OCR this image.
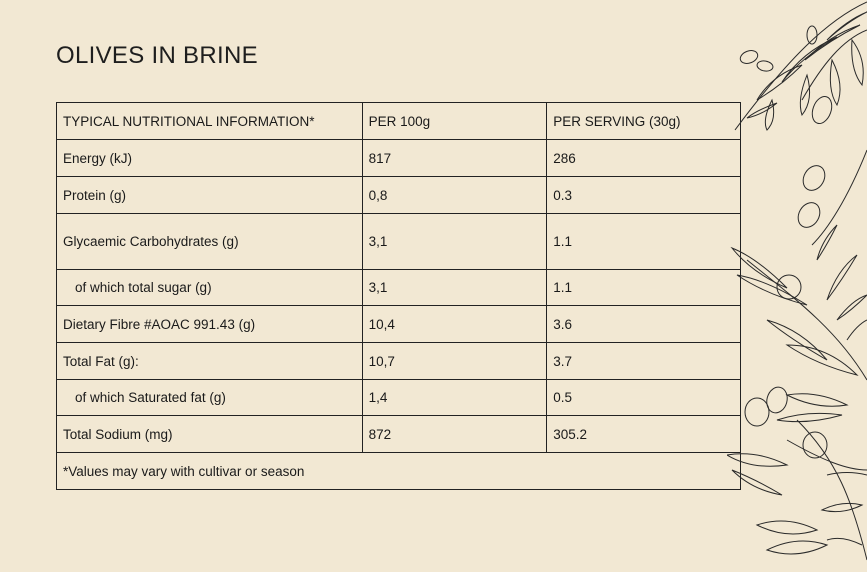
OLIVES IN BRINE
TYPICAL NUTRITIONAL INFORMATION*	PER 100g	PER SERVING (30g)
Energy (kJ)	817	286
Protein (g)	0,8	0.3
Glycaemic Carbohydrates (g)	3,1	1.1
of which total sugar (g)	3,1	1.1
Dietary Fibre #AOAC 991.43 (g)	10,4	3.6
Total Fat (g):	10,7	3.7
of which Saturated fat (g)	1,4	0.5
Total Sodium (mg)	872	305.2
*Values may vary with cultivar or season		
